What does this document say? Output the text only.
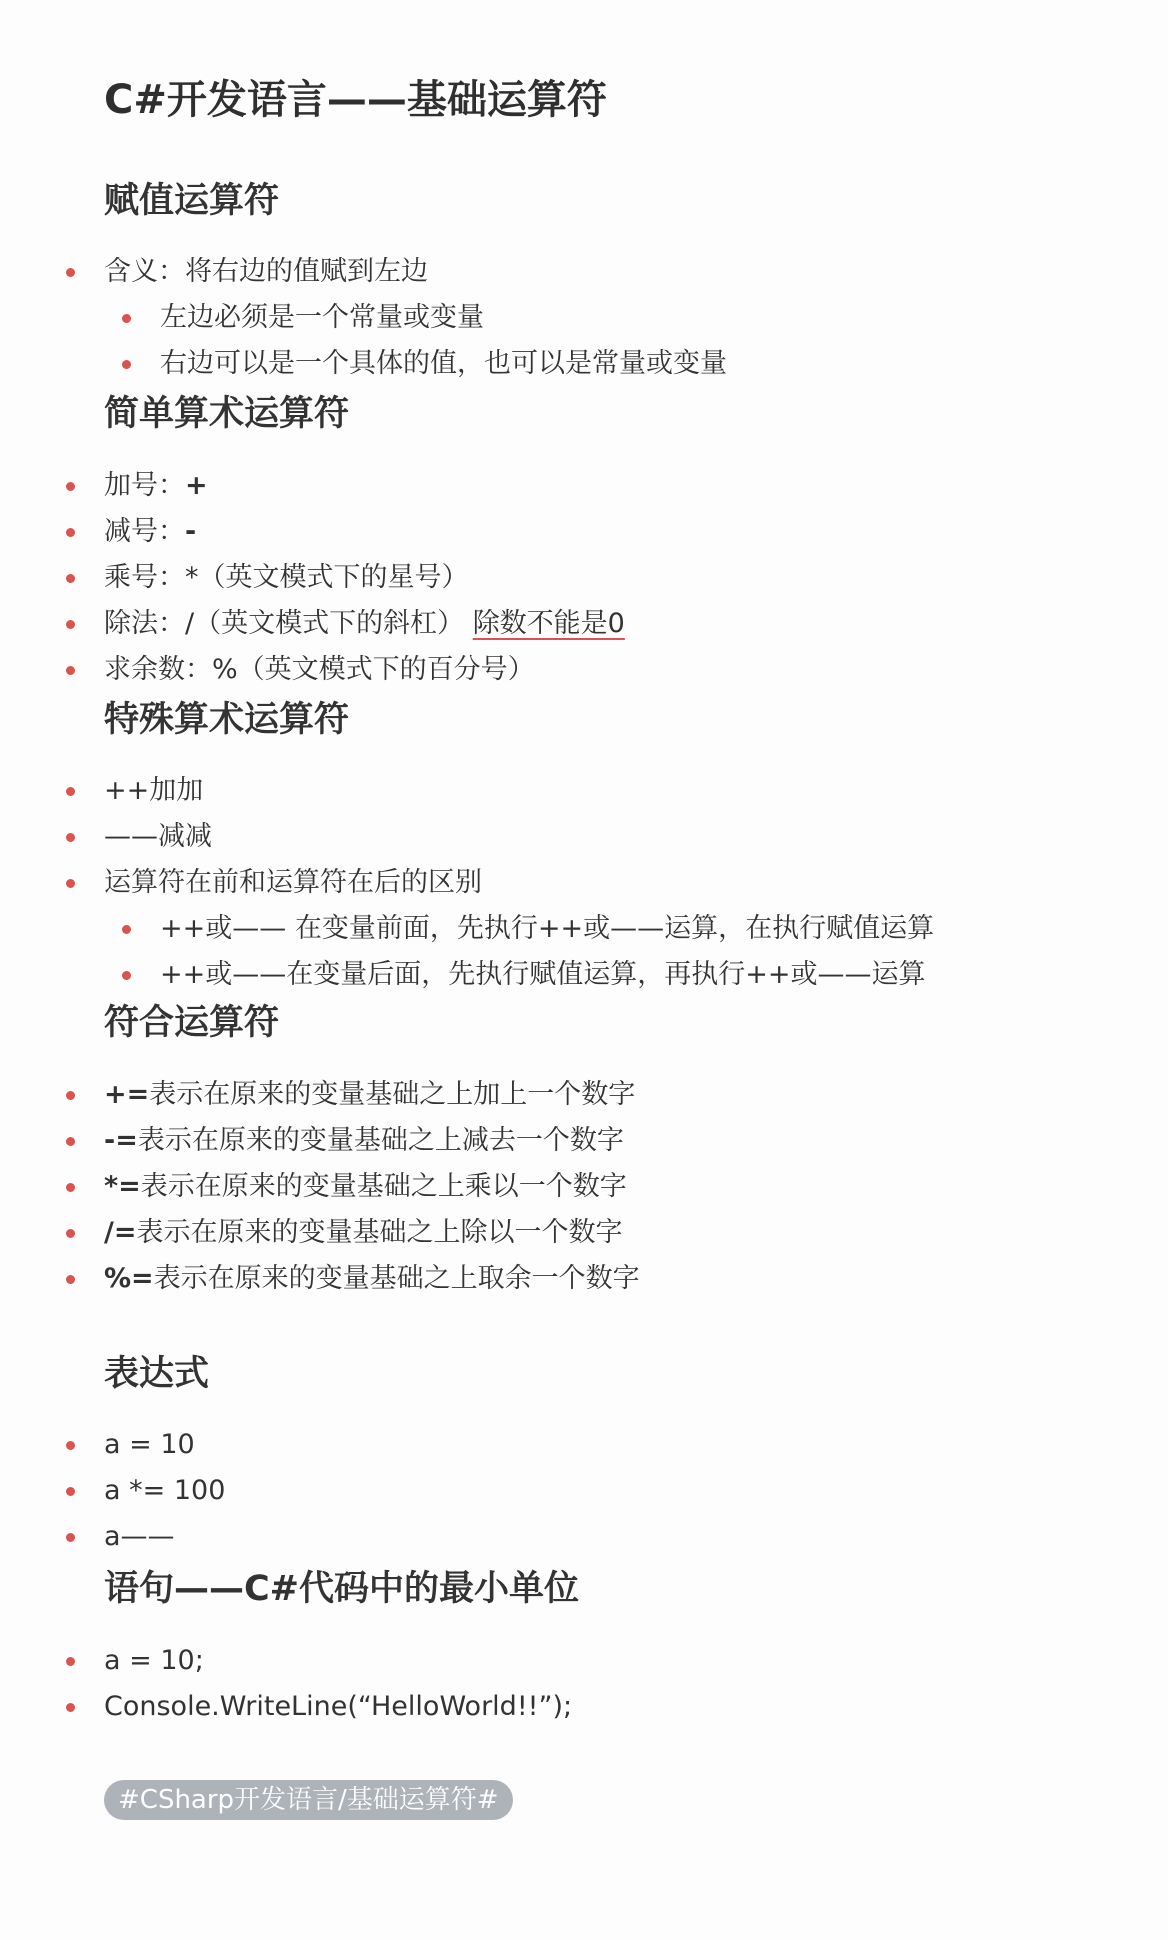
C#开发语言——基础运算符
赋值运算符
含义：将右边的值赋到左边
左边必须是一个常量或变量
右边可以是一个具体的值，也可以是常量或变量
简单算术运算符
加号：+
减号：-
乘号：*（英文模式下的星号）
除法：/（英文模式下的斜杠） 除数不能是0
求余数：%（英文模式下的百分号）
特殊算术运算符
++加加
——减减
运算符在前和运算符在后的区别
++或—— 在变量前面，先执行++或——运算，在执行赋值运算
++或——在变量后面，先执行赋值运算，再执行++或——运算
符合运算符
+=表示在原来的变量基础之上加上一个数字
-=表示在原来的变量基础之上减去一个数字
*=表示在原来的变量基础之上乘以一个数字
/=表示在原来的变量基础之上除以一个数字
%=表示在原来的变量基础之上取余一个数字
表达式
a = 10
a *= 100
a——
语句——C#代码中的最小单位
a = 10;
Console.WriteLine(“HelloWorld!!”);
#CSharp开发语言/基础运算符#
